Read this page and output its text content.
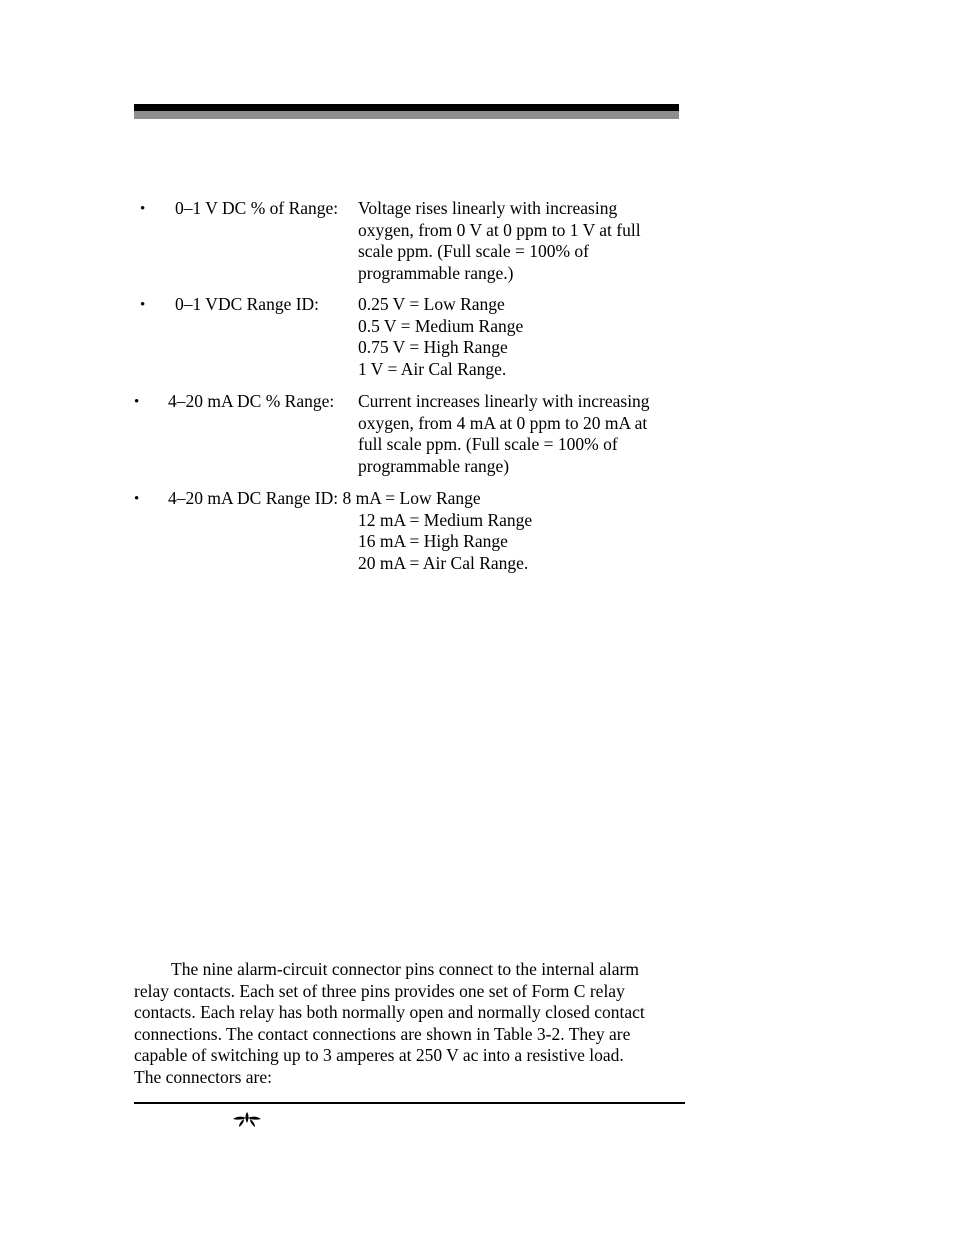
• 0–1 V DC % of Range: Voltage rises linearly with increasing
oxygen, from 0 V at 0 ppm to 1 V at full
scale ppm. (Full scale = 100% of
programmable range.)
• 0–1 VDC Range ID: 0.25 V = Low Range
0.5 V = Medium Range
0.75 V = High Range
1 V = Air Cal Range.
• 4–20 mA DC % Range: Current increases linearly with increasing
oxygen, from 4 mA at 0 ppm to 20 mA at
full scale ppm. (Full scale = 100% of
programmable range)
• 4–20 mA DC Range ID: 8 mA = Low Range
12 mA = Medium Range
16 mA = High Range
20 mA = Air Cal Range.
The nine alarm-circuit connector pins connect to the internal alarm
relay contacts. Each set of three pins provides one set of Form C relay
contacts. Each relay has both normally open and normally closed contact
connections. The contact connections are shown in Table 3-2. They are
capable of switching up to 3 amperes at 250 V ac into a resistive load.
The connectors are:
